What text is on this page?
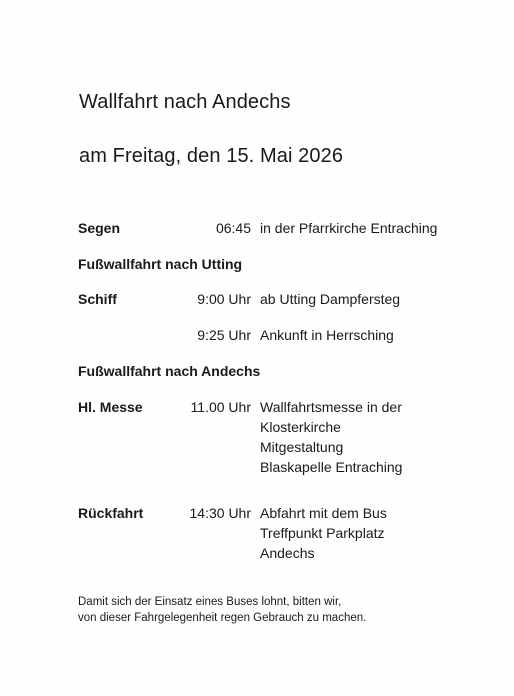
Wallfahrt nach Andechs
am Freitag, den 15. Mai 2026
Segen	06:45 in der Pfarrkirche Entraching
Fußwallfahrt nach Utting
Schiff	9:00 Uhr ab Utting Dampfersteg
9:25 Uhr Ankunft in Herrsching
Fußwallfahrt nach Andechs
Hl. Messe	11.00 Uhr Wallfahrtsmesse in der
Klosterkirche
Mitgestaltung
Blaskapelle Entraching
Rückfahrt	14:30 Uhr Abfahrt mit dem Bus
Treffpunkt Parkplatz
Andechs
Damit sich der Einsatz eines Buses lohnt, bitten wir,
von dieser Fahrgelegenheit regen Gebrauch zu machen.
